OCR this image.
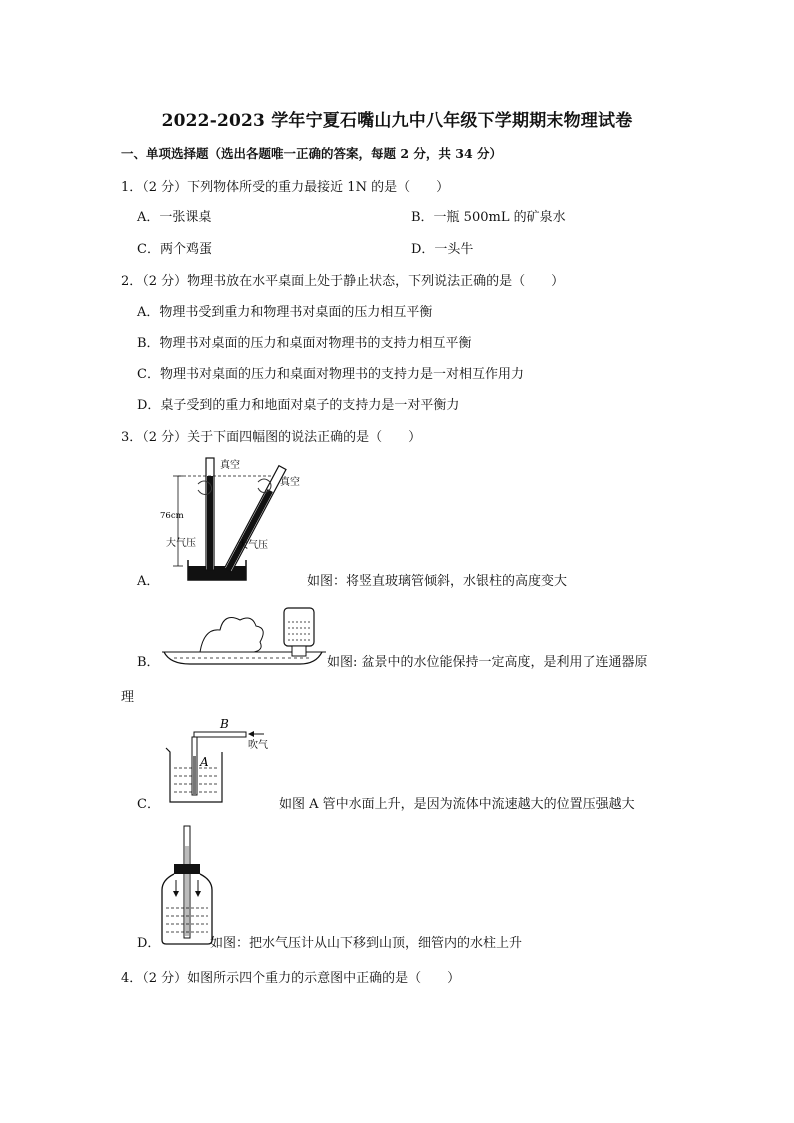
2022-2023 学年宁夏石嘴山九中八年级下学期期末物理试卷
一、单项选择题（选出各题唯一正确的答案，每题 2 分，共 34 分）
1．（2 分）下列物体所受的重力最接近 1N 的是（　　）
A．一张课桌	B．一瓶 500mL 的矿泉水
C．两个鸡蛋	D．一头牛
2．（2 分）物理书放在水平桌面上处于静止状态，下列说法正确的是（　　）
A．物理书受到重力和物理书对桌面的压力相互平衡
B．物理书对桌面的压力和桌面对物理书的支持力相互平衡
C．物理书对桌面的压力和桌面对物理书的支持力是一对相互作用力
D．桌子受到的重力和地面对桌子的支持力是一对平衡力
3．（2 分）关于下面四幅图的说法正确的是（　　）
A．
真空
真空
76cm
大气压	大气压
如图：将竖直玻璃管倾斜，水银柱的高度变大
B．	如图: 盆景中的水位能保持一定高度，是利用了连通器原
理
C．
B
吹气
A
如图 A 管中水面上升，是因为流体中流速越大的位置压强越大
D．	如图：把水气压计从山下移到山顶，细管内的水柱上升
4．（2 分）如图所示四个重力的示意图中正确的是（　　）
